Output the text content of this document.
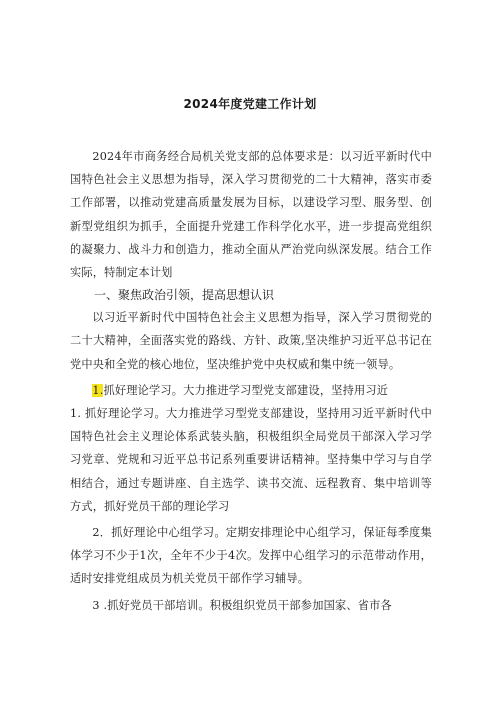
2024年度党建工作计划

2024年市商务经合局机关党支部的总体要求是：以习近平新时代中国特色社会主义思想为指导，深入学习贯彻党的二十大精神，落实市委工作部署，以推动党建高质量发展为目标，以建设学习型、服务型、创新型党组织为抓手，全面提升党建工作科学化水平，进一步提高党组织的凝聚力、战斗力和创造力，推动全面从严治党向纵深发展。结合工作实际，特制定本计划

一、聚焦政治引领，提高思想认识

以习近平新时代中国特色社会主义思想为指导，深入学习贯彻党的二十大精神，全面落实党的路线、方针、政策,坚决维护习近平总书记在党中央和全党的核心地位，坚决维护党中央权威和集中统一领导。

1.抓好理论学习。大力推进学习型党支部建设，坚持用习近

1. 抓好理论学习。大力推进学习型党支部建设，坚持用习近平新时代中国特色社会主义理论体系武装头脑，积极组织全局党员干部深入学习学习党章、党规和习近平总书记系列重要讲话精神。坚持集中学习与自学相结合，通过专题讲座、自主选学、读书交流、远程教育、集中培训等方式，抓好党员干部的理论学习

2．抓好理论中心组学习。定期安排理论中心组学习，保证每季度集体学习不少于1次，全年不少于4次。发挥中心组学习的示范带动作用，适时安排党组成员为机关党员干部作学习辅导。

3 .抓好党员干部培训。积极组织党员干部参加国家、省市各
